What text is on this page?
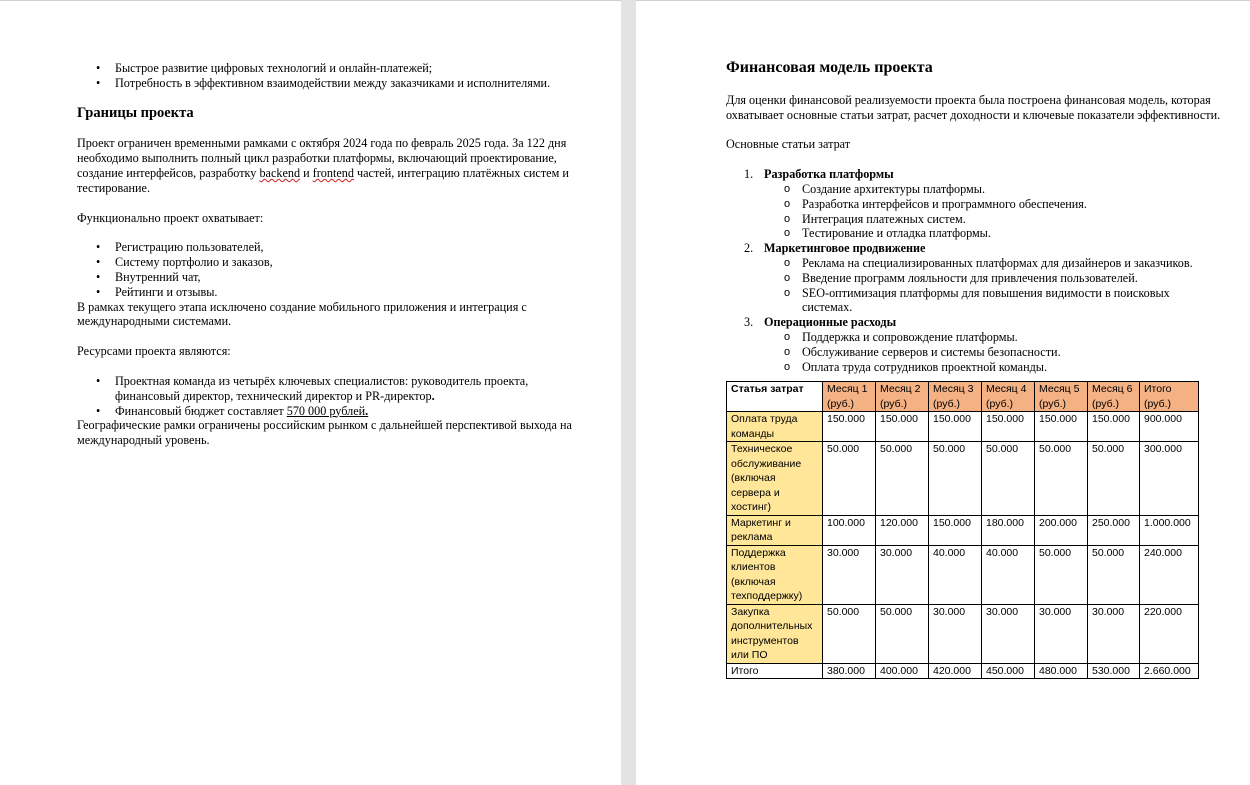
• Быстрое развитие цифровых технологий и онлайн-платежей;
• Потребность в эффективном взаимодействии между заказчиками и исполнителями.
Границы проекта

Проект ограничен временными рамками с октября 2024 года по февраль 2025 года. За 122 дня необходимо выполнить полный цикл разработки платформы, включающий проектирование, создание интерфейсов, разработку backend и frontend частей, интеграцию платёжных систем и тестирование.

Функционально проект охватывает:

• Регистрацию пользователей,
• Систему портфолио и заказов,
• Внутренний чат,
• Рейтинги и отзывы.

В рамках текущего этапа исключено создание мобильного приложения и интеграция с международными системами.

Ресурсами проекта являются:

• Проектная команда из четырёх ключевых специалистов: руководитель проекта, финансовый директор, технический директор и PR-директор.
• Финансовый бюджет составляет 570 000 рублей.

Географические рамки ограничены российским рынком с дальнейшей перспективой выхода на международный уровень.

Финансовая модель проекта

Для оценки финансовой реализуемости проекта была построена финансовая модель, которая охватывает основные статьи затрат, расчет доходности и ключевые показатели эффективности.

Основные статьи затрат

1. Разработка платформы
o Создание архитектуры платформы.
o Разработка интерфейсов и программного обеспечения.
o Интеграция платежных систем.
o Тестирование и отладка платформы.
2. Маркетинговое продвижение
o Реклама на специализированных платформах для дизайнеров и заказчиков.
o Введение программ лояльности для привлечения пользователей.
o SEO-оптимизация платформы для повышения видимости в поисковых системах.
3. Операционные расходы
o Поддержка и сопровождение платформы.
o Обслуживание серверов и системы безопасности.
o Оплата труда сотрудников проектной команды.
Статья затрат	Месяц 1 (руб.)	Месяц 2 (руб.)	Месяц 3 (руб.)	Месяц 4 (руб.)	Месяц 5 (руб.)	Месяц 6 (руб.)	Итого (руб.)
Оплата труда команды	150.000	150.000	150.000	150.000	150.000	150.000	900.000
Техническое обслуживание (включая сервера и хостинг)	50.000	50.000	50.000	50.000	50.000	50.000	300.000
Маркетинг и реклама	100.000	120.000	150.000	180.000	200.000	250.000	1.000.000
Поддержка клиентов (включая техподдержку)	30.000	30.000	40.000	40.000	50.000	50.000	240.000
Закупка дополнительных инструментов или ПО	50.000	50.000	30.000	30.000	30.000	30.000	220.000
Итого	380.000	400.000	420.000	450.000	480.000	530.000	2.660.000
